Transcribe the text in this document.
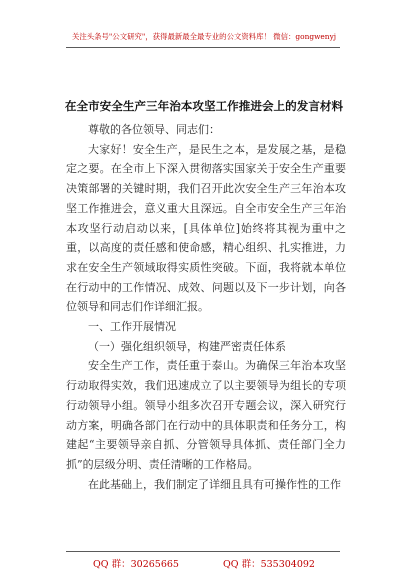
关注头条号"公文研究"，获得最新最全最专业的公文资料库！ 微信：gongwenyj
在全市安全生产三年治本攻坚工作推进会上的发言材料

尊敬的各位领导、同志们：

大家好！安全生产，是民生之本，是发展之基，是稳定之要。在全市上下深入贯彻落实国家关于安全生产重要决策部署的关键时期，我们召开此次安全生产三年治本攻坚工作推进会，意义重大且深远。自全市安全生产三年治本攻坚行动启动以来，[具体单位]始终将其视为重中之重，以高度的责任感和使命感，精心组织、扎实推进，力求在安全生产领域取得实质性突破。下面，我将就本单位在行动中的工作情况、成效、问题以及下一步计划，向各位领导和同志们作详细汇报。

一、工作开展情况

（一）强化组织领导，构建严密责任体系

安全生产工作，责任重于泰山。为确保三年治本攻坚行动取得实效，我们迅速成立了以主要领导为组长的专项行动领导小组。领导小组多次召开专题会议，深入研究行动方案，明确各部门在行动中的具体职责和任务分工，构建起“主要领导亲自抓、分管领导具体抓、责任部门全力抓”的层级分明、责任清晰的工作格局。

在此基础上，我们制定了详细且具有可操作性的工作

QQ 群：30265665	QQ 群：535304092
